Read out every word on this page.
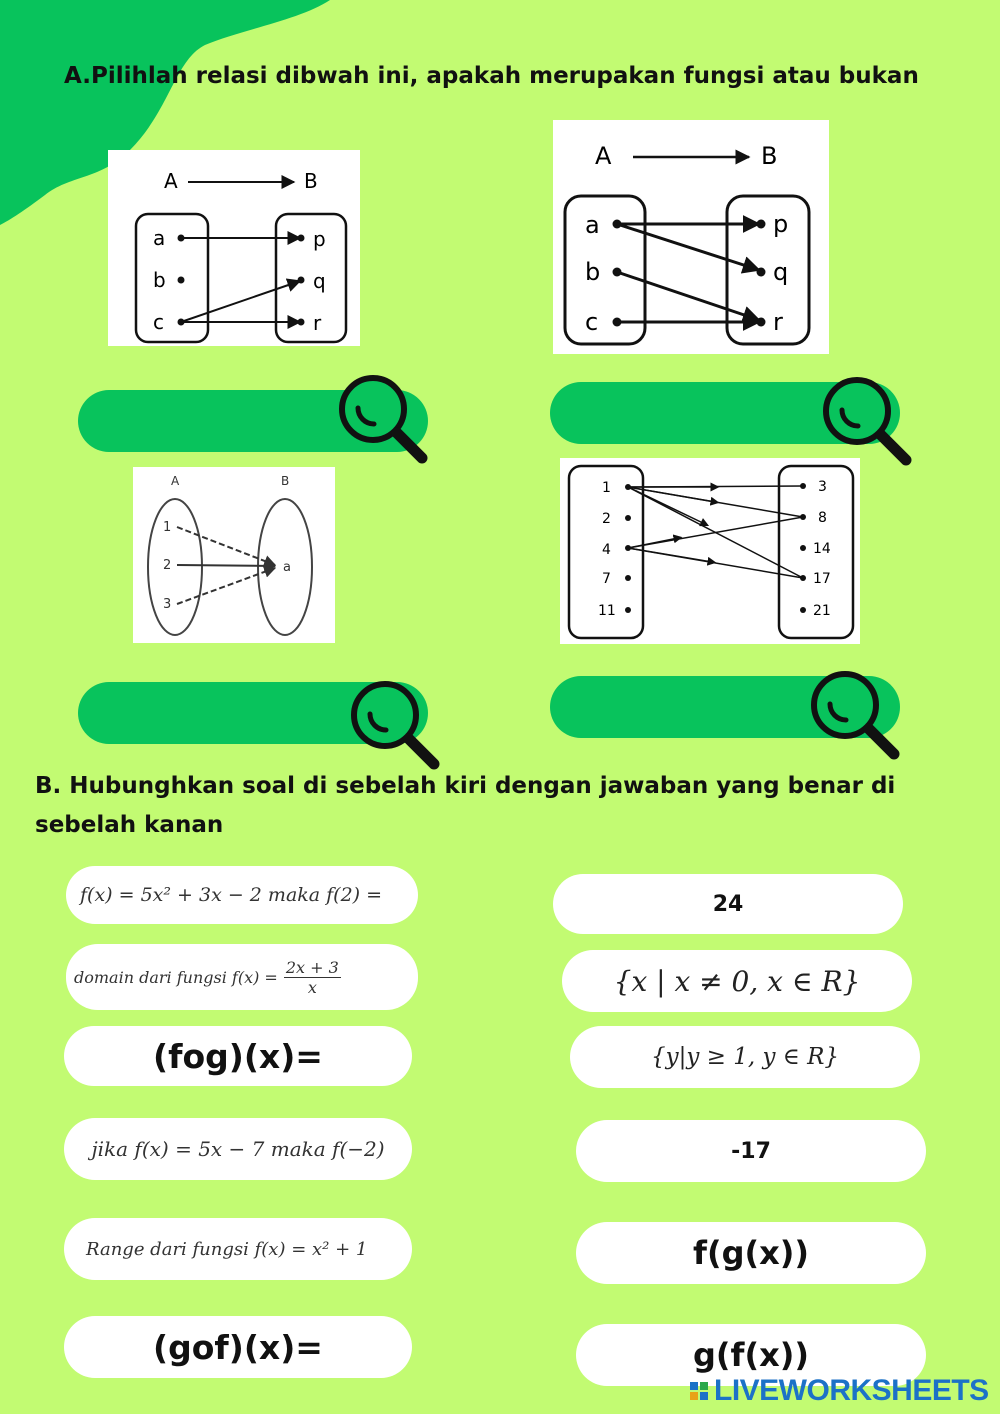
A.Pilihlah relasi dibwah ini, apakah merupakan fungsi atau bukan
A	B
a
b
c
p
q
r
A	B
a
b
c
p
q
r
A	B
1
2
3
a
1
2
4
7
11
3
8
14
17
21
B. Hubunghkan soal di sebelah kiri dengan jawaban yang benar di
sebelah kanan
f(x) = 5x² + 3x − 2 maka f(2) =
domain dari fungsi $f(x) = \frac{2x + 3}{x}$
(fog)(x)=
jika f(x) = 5x − 7 maka f(−2)
Range dari fungsi f(x) = x² + 1
(gof)(x)=
24
{x | x ≠ 0, x ∈ R}
{y|y ≥ 1, y ∈ R}
-17
f(g(x))
g(f(x))
LIVEWORKSHEETS
